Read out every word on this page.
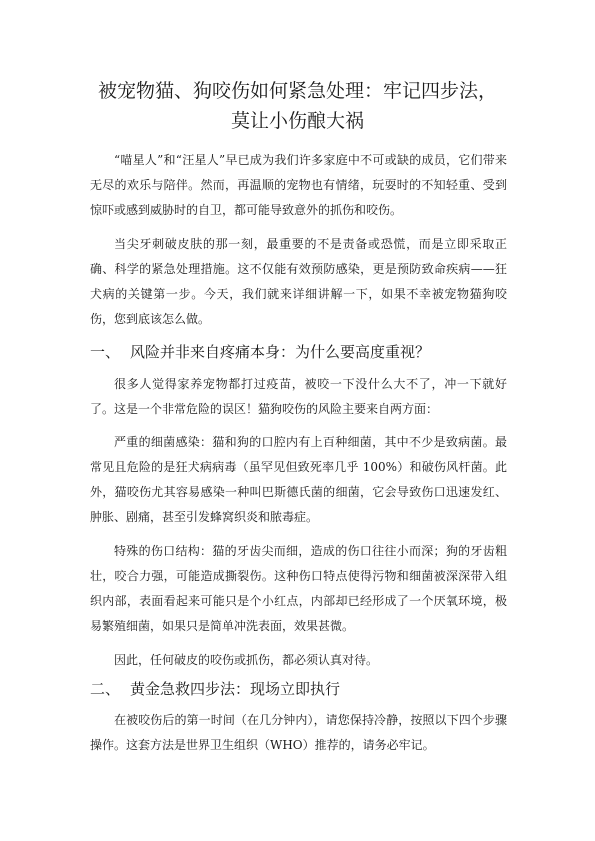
被宠物猫、狗咬伤如何紧急处理：牢记四步法，
莫让小伤酿大祸

“喵星人”和“汪星人”早已成为我们许多家庭中不可或缺的成员，它们带来无尽的欢乐与陪伴。然而，再温顺的宠物也有情绪，玩耍时的不知轻重、受到惊吓或感到威胁时的自卫，都可能导致意外的抓伤和咬伤。

当尖牙刺破皮肤的那一刻，最重要的不是责备或恐慌，而是立即采取正确、科学的紧急处理措施。这不仅能有效预防感染，更是预防致命疾病——狂犬病的关键第一步。今天，我们就来详细讲解一下，如果不幸被宠物猫狗咬伤，您到底该怎么做。

一、 风险并非来自疼痛本身：为什么要高度重视？

很多人觉得家养宠物都打过疫苗，被咬一下没什么大不了，冲一下就好了。这是一个非常危险的误区！猫狗咬伤的风险主要来自两方面：

严重的细菌感染：猫和狗的口腔内有上百种细菌，其中不少是致病菌。最常见且危险的是狂犬病病毒（虽罕见但致死率几乎 100%）和破伤风杆菌。此外，猫咬伤尤其容易感染一种叫巴斯德氏菌的细菌，它会导致伤口迅速发红、肿胀、剧痛，甚至引发蜂窝织炎和脓毒症。

特殊的伤口结构：猫的牙齿尖而细，造成的伤口往往小而深；狗的牙齿粗壮，咬合力强，可能造成撕裂伤。这种伤口特点使得污物和细菌被深深带入组织内部，表面看起来可能只是个小红点，内部却已经形成了一个厌氧环境，极易繁殖细菌，如果只是简单冲洗表面，效果甚微。

因此，任何破皮的咬伤或抓伤，都必须认真对待。

二、 黄金急救四步法：现场立即执行

在被咬伤后的第一时间（在几分钟内），请您保持冷静，按照以下四个步骤操作。这套方法是世界卫生组织（WHO）推荐的，请务必牢记。
